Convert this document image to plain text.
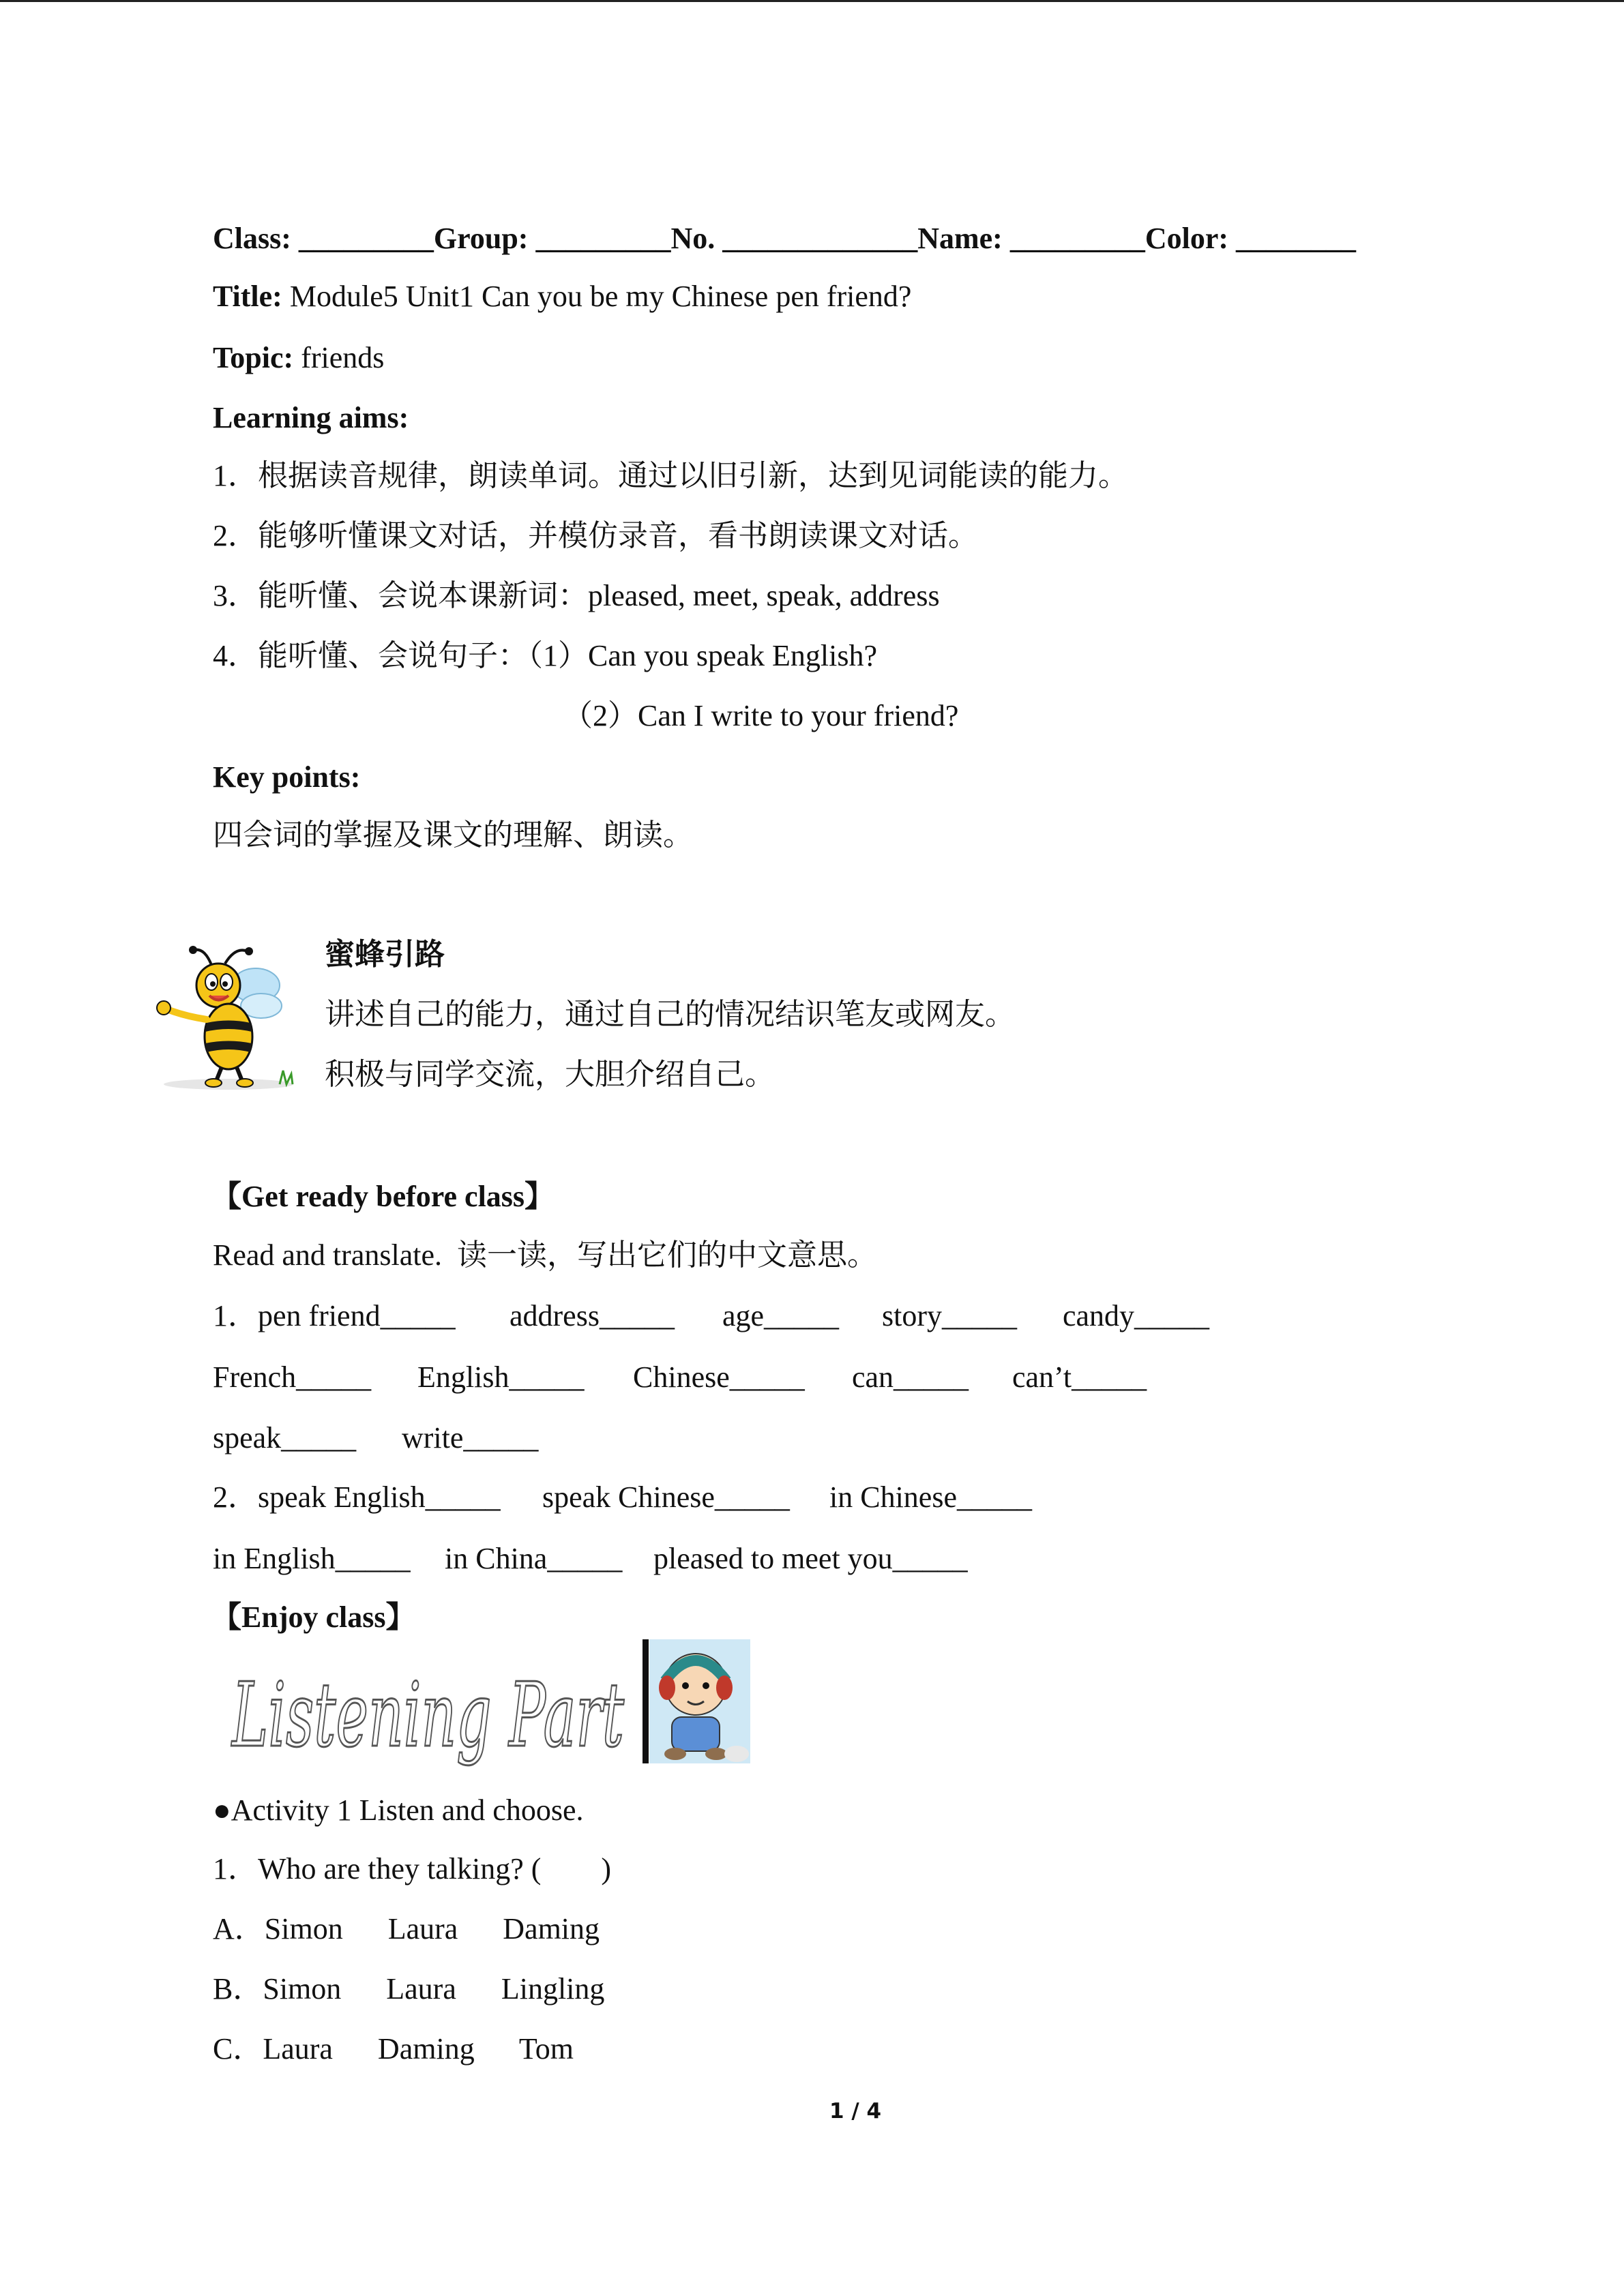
Class: _________Group: _________No. _____________Name: _________Color: ________
Title: Module5 Unit1 Can you be my Chinese pen friend?
Topic: friends
Learning aims:
1．根据读音规律，朗读单词。通过以旧引新，达到见词能读的能力。
2．能够听懂课文对话，并模仿录音，看书朗读课文对话。
3．能听懂、会说本课新词：pleased, meet, speak, address
4．能听懂、会说句子：（1）Can you speak English?
（2）Can I write to your friend?
Key points:
四会词的掌握及课文的理解、朗读。
蜜蜂引路
讲述自己的能力，通过自己的情况结识笔友或网友。
积极与同学交流，大胆介绍自己。
【Get ready before class】
Read and translate.  读一读，写出它们的中文意思。
1．pen friend_____ address_____ age_____ story_____ candy_____
French_____ English_____ Chinese_____ can_____ can’t_____
speak_____ write_____
2．speak English_____ speak Chinese_____ in Chinese_____
in English_____ in China_____ pleased to meet you_____
【Enjoy class】
Listening Part
●Activity 1 Listen and choose.
1．Who are they talking? (        )
A．Simon      Laura      Daming
B．Simon      Laura      Lingling
C．Laura      Daming      Tom
1 / 4
